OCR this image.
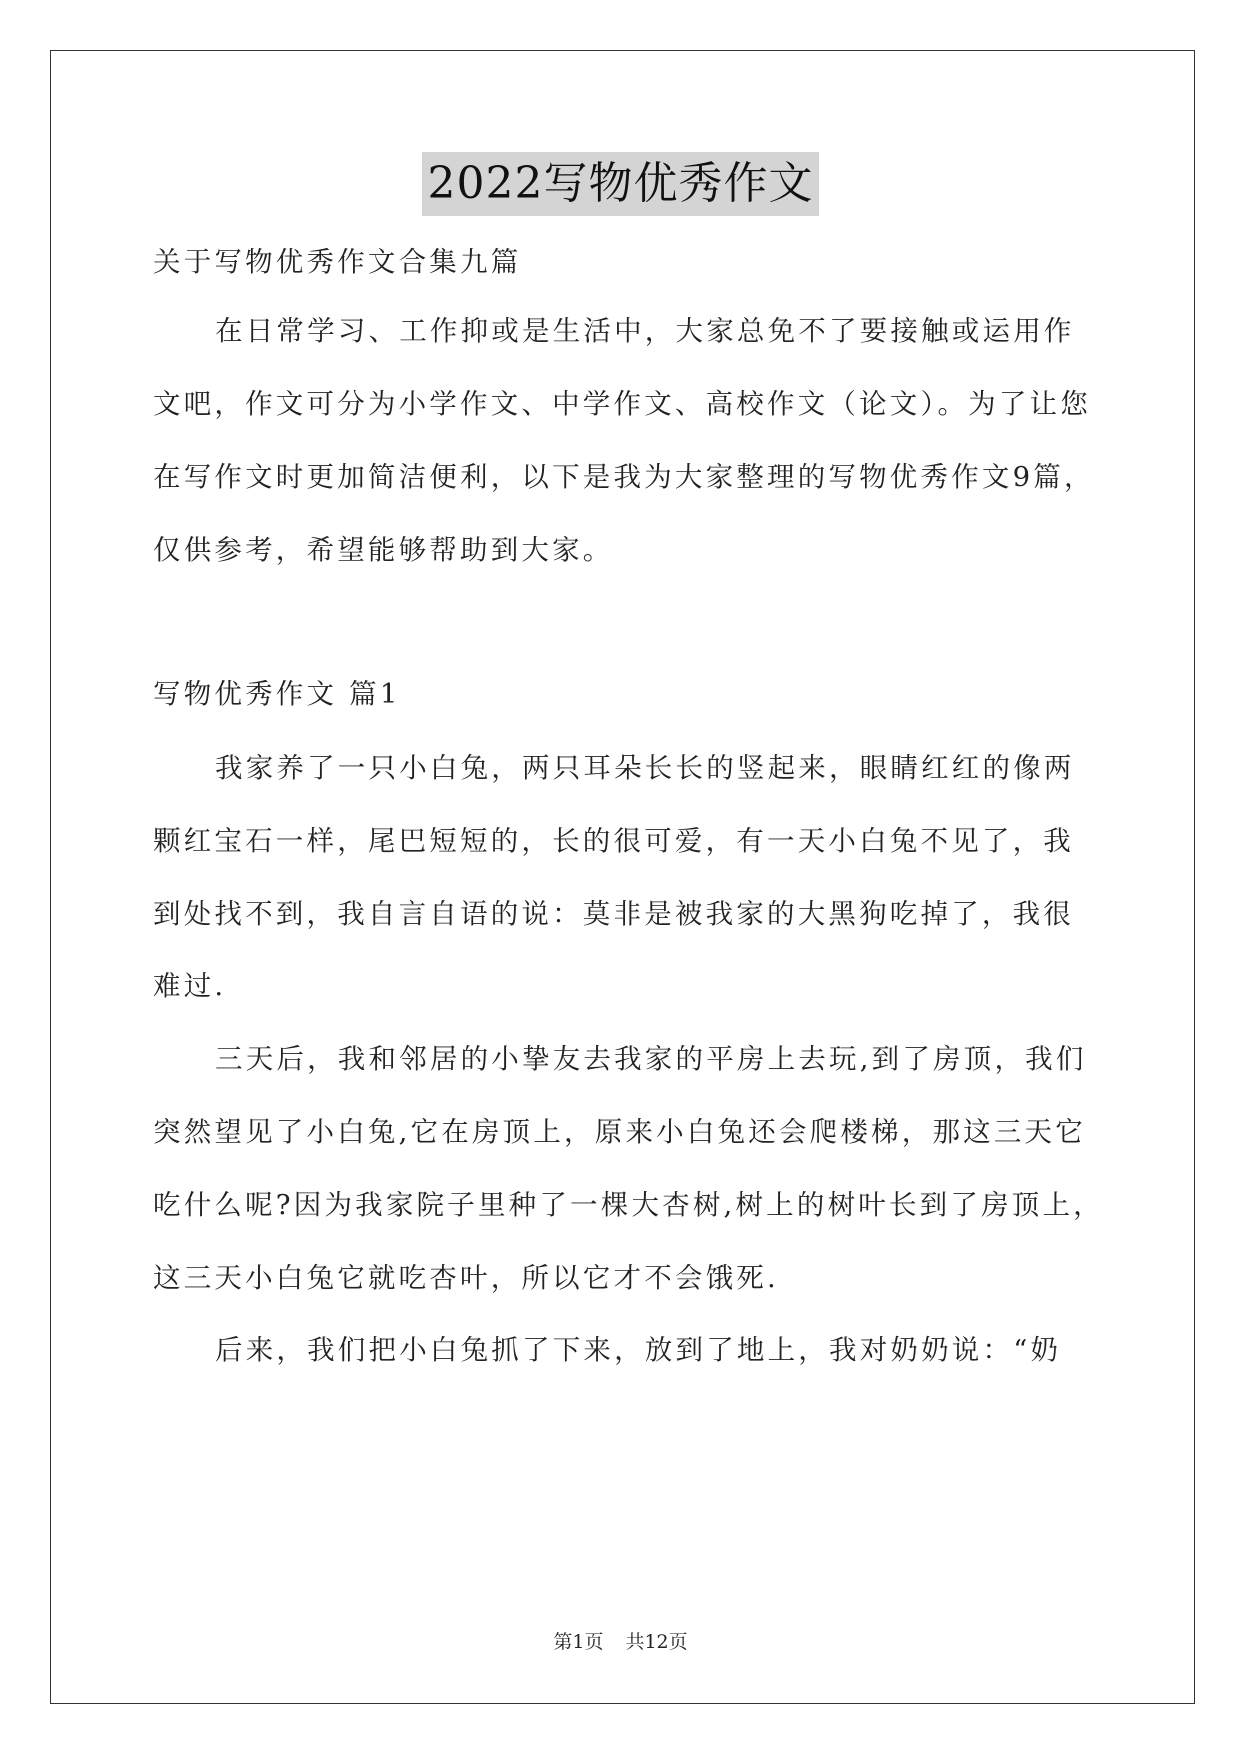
2022写物优秀作文
关于写物优秀作文合集九篇
在日常学习、工作抑或是生活中，大家总免不了要接触或运用作
文吧，作文可分为小学作文、中学作文、高校作文（论文）。为了让您
在写作文时更加简洁便利，以下是我为大家整理的写物优秀作文9篇，
仅供参考，希望能够帮助到大家。
写物优秀作文 篇1
我家养了一只小白兔，两只耳朵长长的竖起来，眼睛红红的像两
颗红宝石一样，尾巴短短的，长的很可爱，有一天小白兔不见了，我
到处找不到，我自言自语的说：莫非是被我家的大黑狗吃掉了，我很
难过.
三天后，我和邻居的小挚友去我家的平房上去玩,到了房顶，我们
突然望见了小白兔,它在房顶上，原来小白兔还会爬楼梯，那这三天它
吃什么呢?因为我家院子里种了一棵大杏树,树上的树叶长到了房顶上，
这三天小白兔它就吃杏叶，所以它才不会饿死.
后来，我们把小白兔抓了下来，放到了地上，我对奶奶说：“奶
第1页 共12页
